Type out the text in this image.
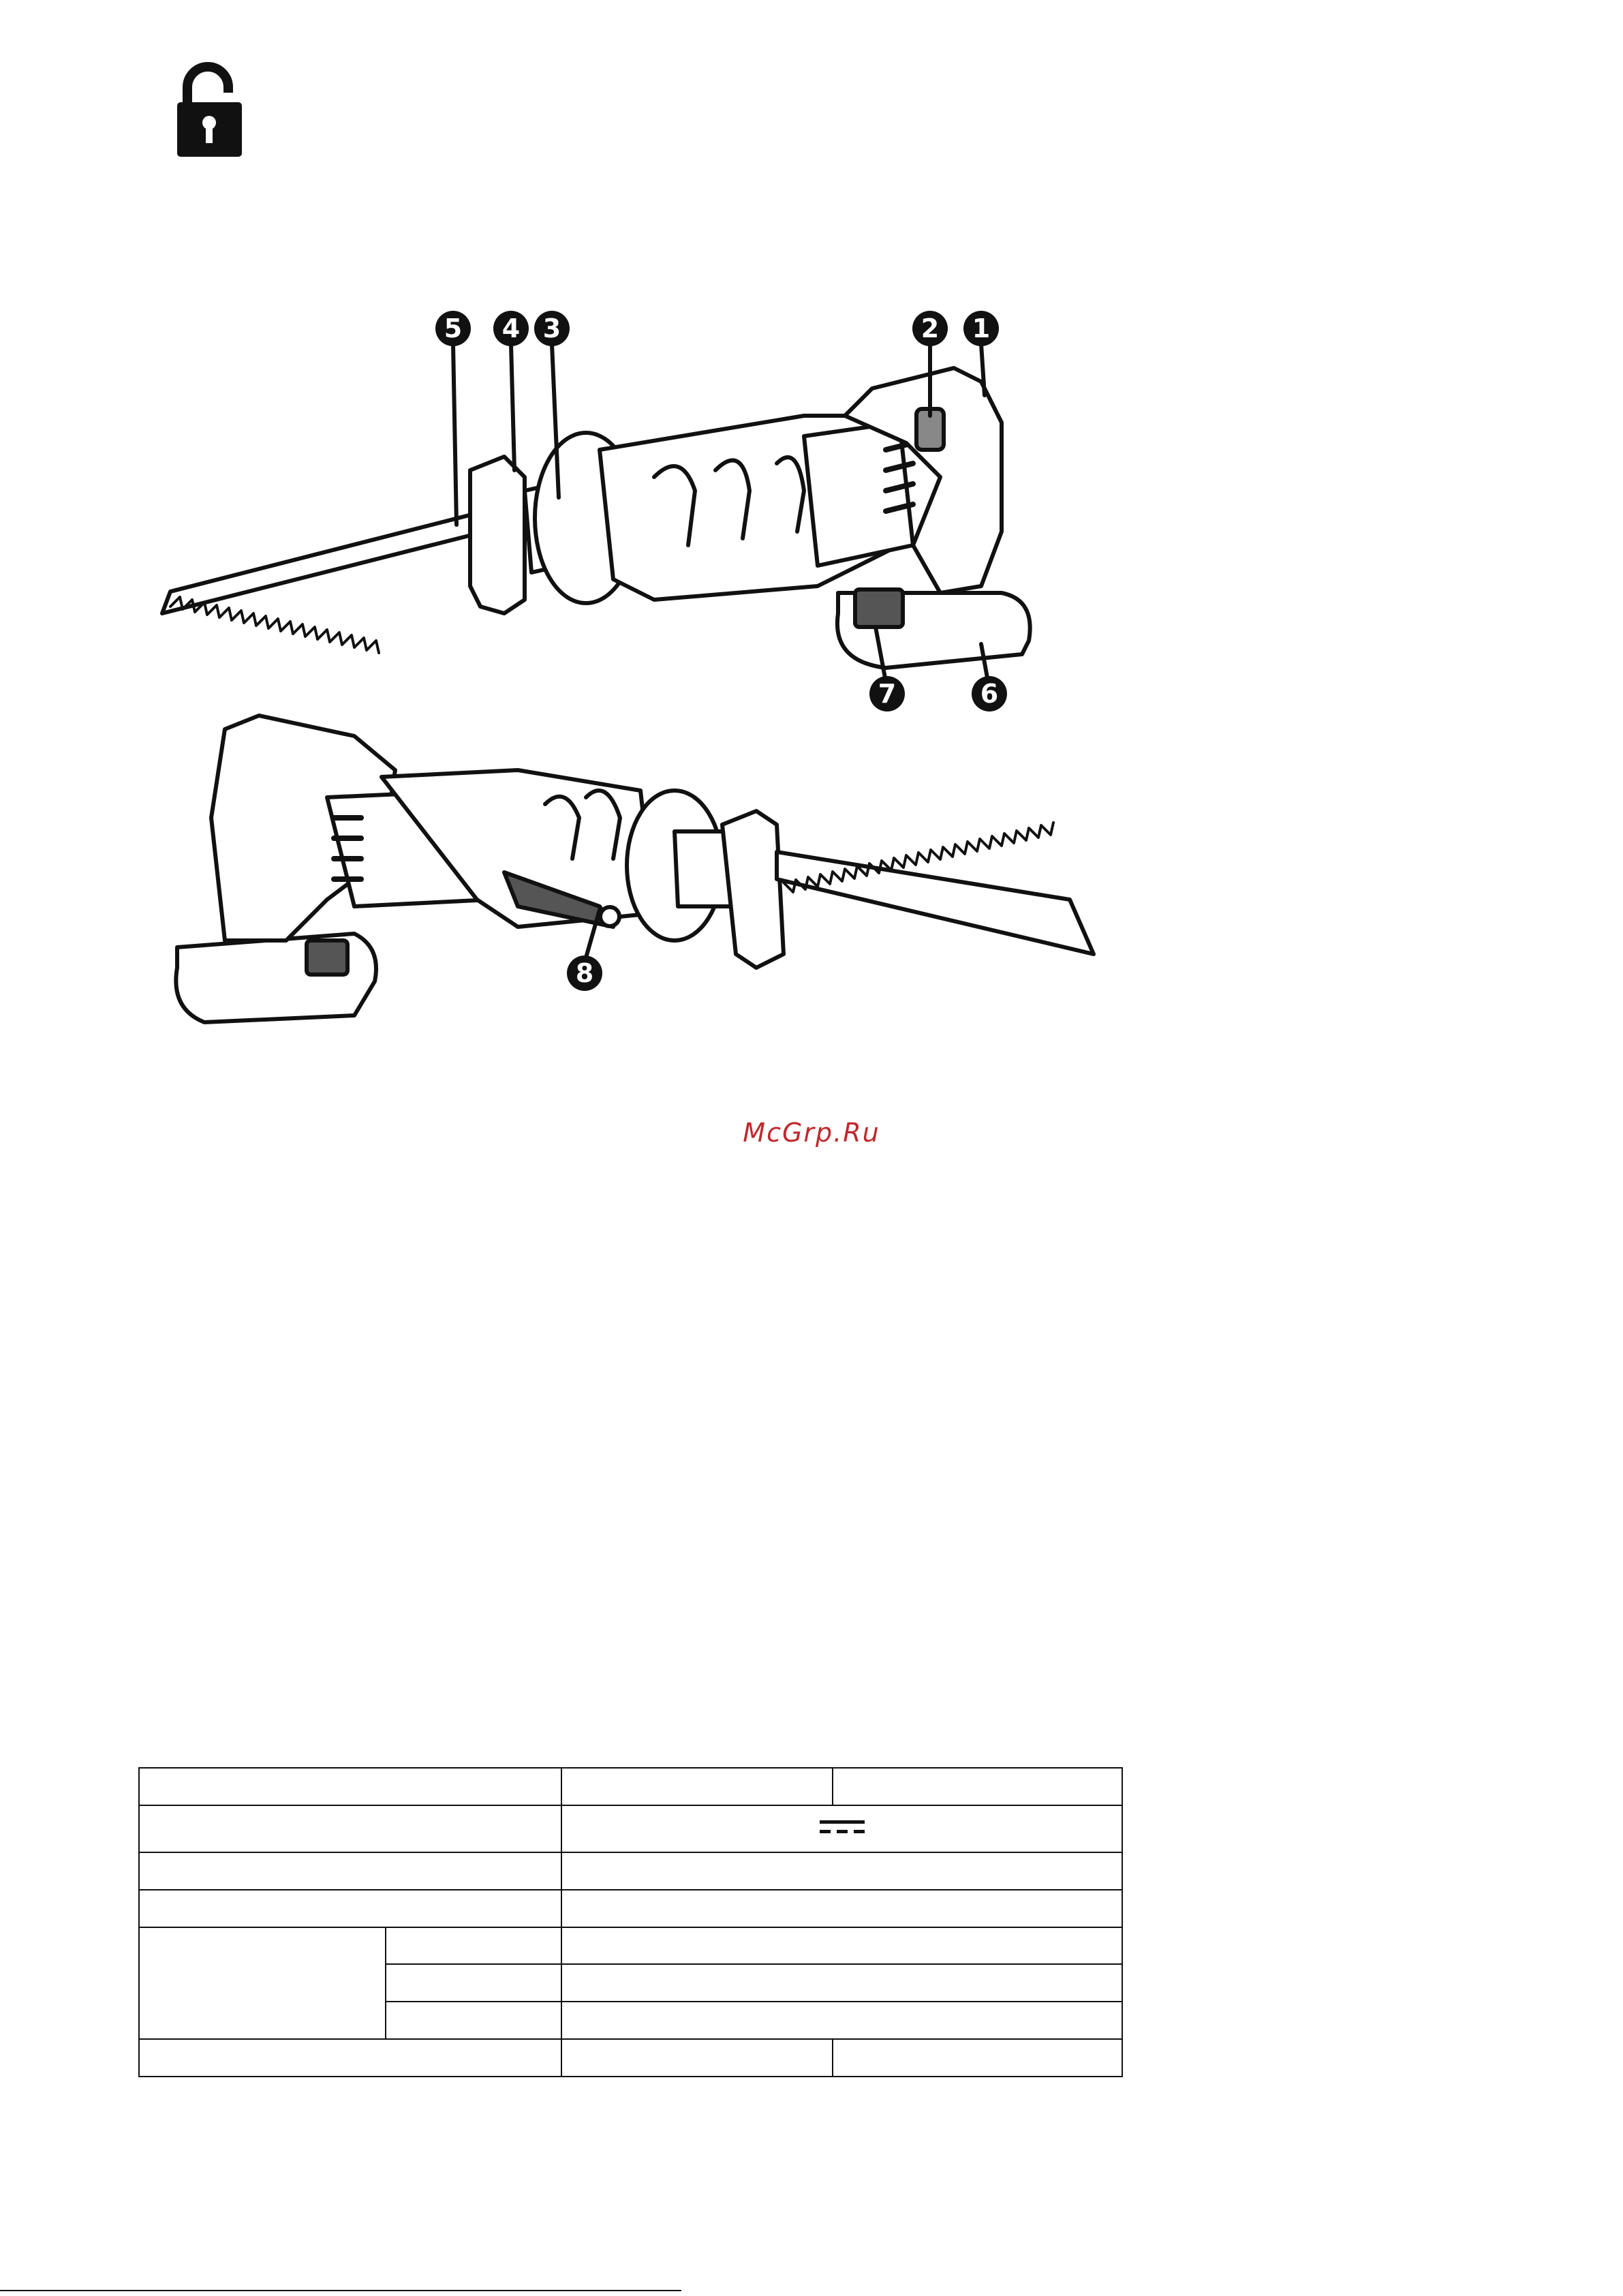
5 4 3	2 1
7	6
8
McGrp.Ru
